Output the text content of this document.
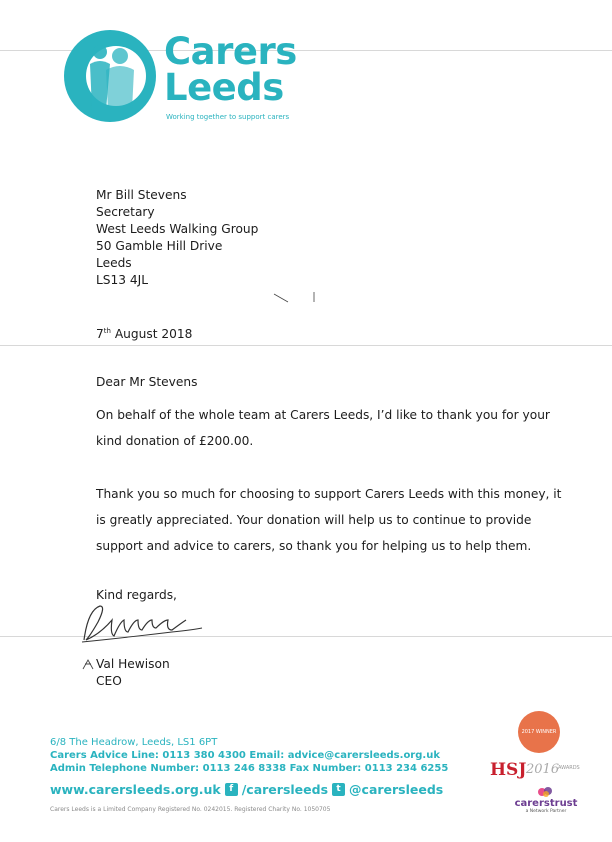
Carers
Leeds
Working together to support carers
Mr Bill Stevens
Secretary
West Leeds Walking Group
50 Gamble Hill Drive
Leeds
LS13 4JL
7th August 2018
Dear Mr Stevens
On behalf of the whole team at Carers Leeds, I’d like to thank you for your kind donation of £200.00.
Thank you so much for choosing to support Carers Leeds with this money, it is greatly appreciated. Your donation will help us to continue to provide support and advice to carers, so thank you for helping us to help them.
Kind regards,
Val Hewison
CEO
6/8 The Headrow, Leeds, LS1 6PT
Carers Advice Line: 0113 380 4300 Email: advice@carersleeds.org.uk
Admin Telephone Number: 0113 246 8338 Fax Number: 0113 234 6255
www.carersleeds.org.uk f /carersleeds t @carersleeds
Carers Leeds is a Limited Company Registered No. 0242015. Registered Charity No. 1050705
2017 WINNER
HSJ 2016
AWARDS
carerstrust
a Network Partner
